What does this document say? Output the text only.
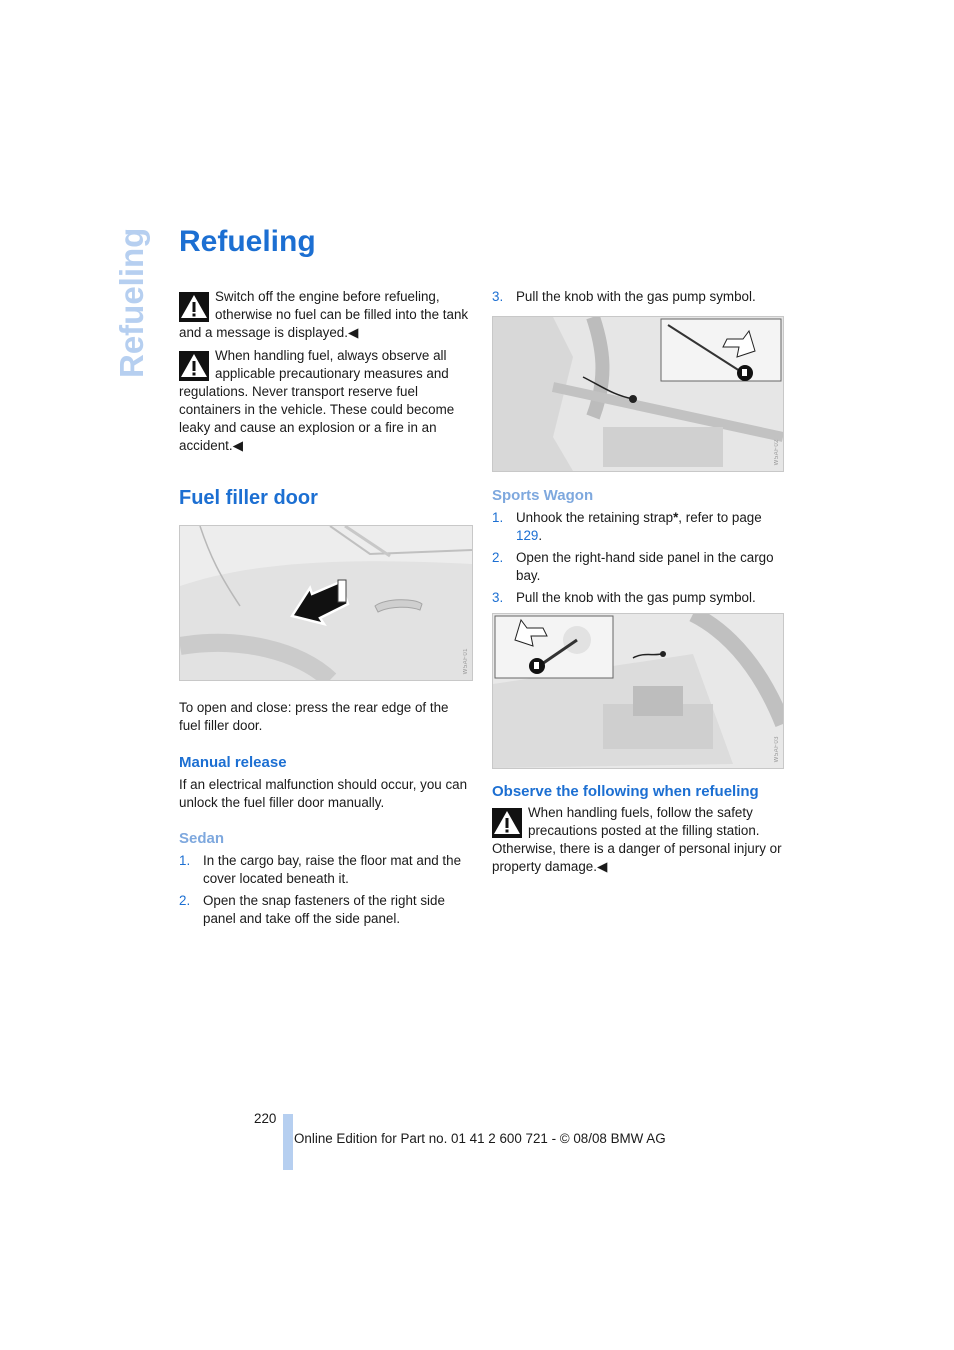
Refueling Refueling

Switch off the engine before refueling, otherwise no fuel can be filled into the tank and a message is displayed.◀

When handling fuel, always observe all applicable precautionary measures and regulations. Never transport reserve fuel containers in the vehicle. These could become leaky and cause an explosion or a fire in an accident.◀

Fuel filler door
W5AF01

To open and close: press the rear edge of the fuel filler door.

Manual release

If an electrical malfunction should occur, you can unlock the fuel filler door manually.

Sedan
1. In the cargo bay, raise the floor mat and the cover located beneath it.
2. Open the snap fasteners of the right side panel and take off the side panel.
3. Pull the knob with the gas pump symbol.
W5AF02
Sports Wagon
1. Unhook the retaining strap*, refer to page 129.
2. Open the right-hand side panel in the cargo bay.
3. Pull the knob with the gas pump symbol.
W5AF03
Observe the following when refueling

When handling fuels, follow the safety precautions posted at the filling station. Otherwise, there is a danger of personal injury or property damage.◀

220
Online Edition for Part no. 01 41 2 600 721 - © 08/08 BMW AG
